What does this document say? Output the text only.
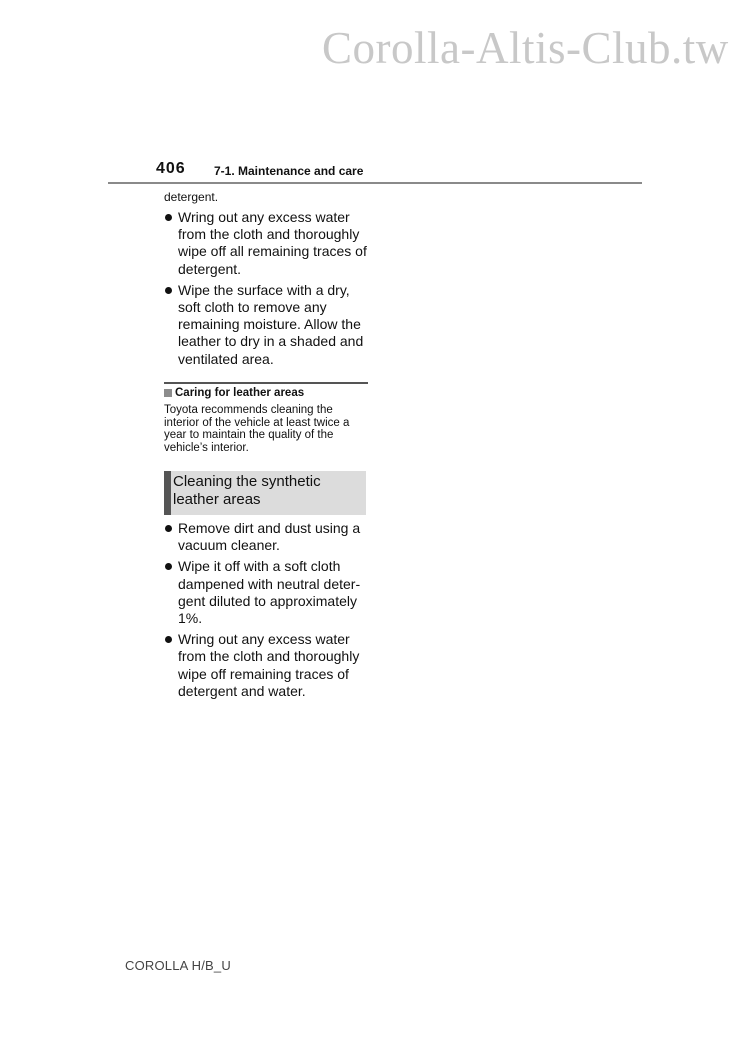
Corolla-Altis-Club.tw
406 7-1. Maintenance and care
detergent.
Wring out any excess water from the cloth and thoroughly wipe off all remaining traces of detergent.
Wipe the surface with a dry, soft cloth to remove any remaining moisture. Allow the leather to dry in a shaded and ventilated area.
Caring for leather areas
Toyota recommends cleaning the interior of the vehicle at least twice a year to maintain the quality of the vehicle’s interior.
Cleaning the synthetic leather areas
Remove dirt and dust using a vacuum cleaner.
Wipe it off with a soft cloth dampened with neutral deter- gent diluted to approximately 1%.
Wring out any excess water from the cloth and thoroughly wipe off remaining traces of detergent and water.
COROLLA H/B_U
